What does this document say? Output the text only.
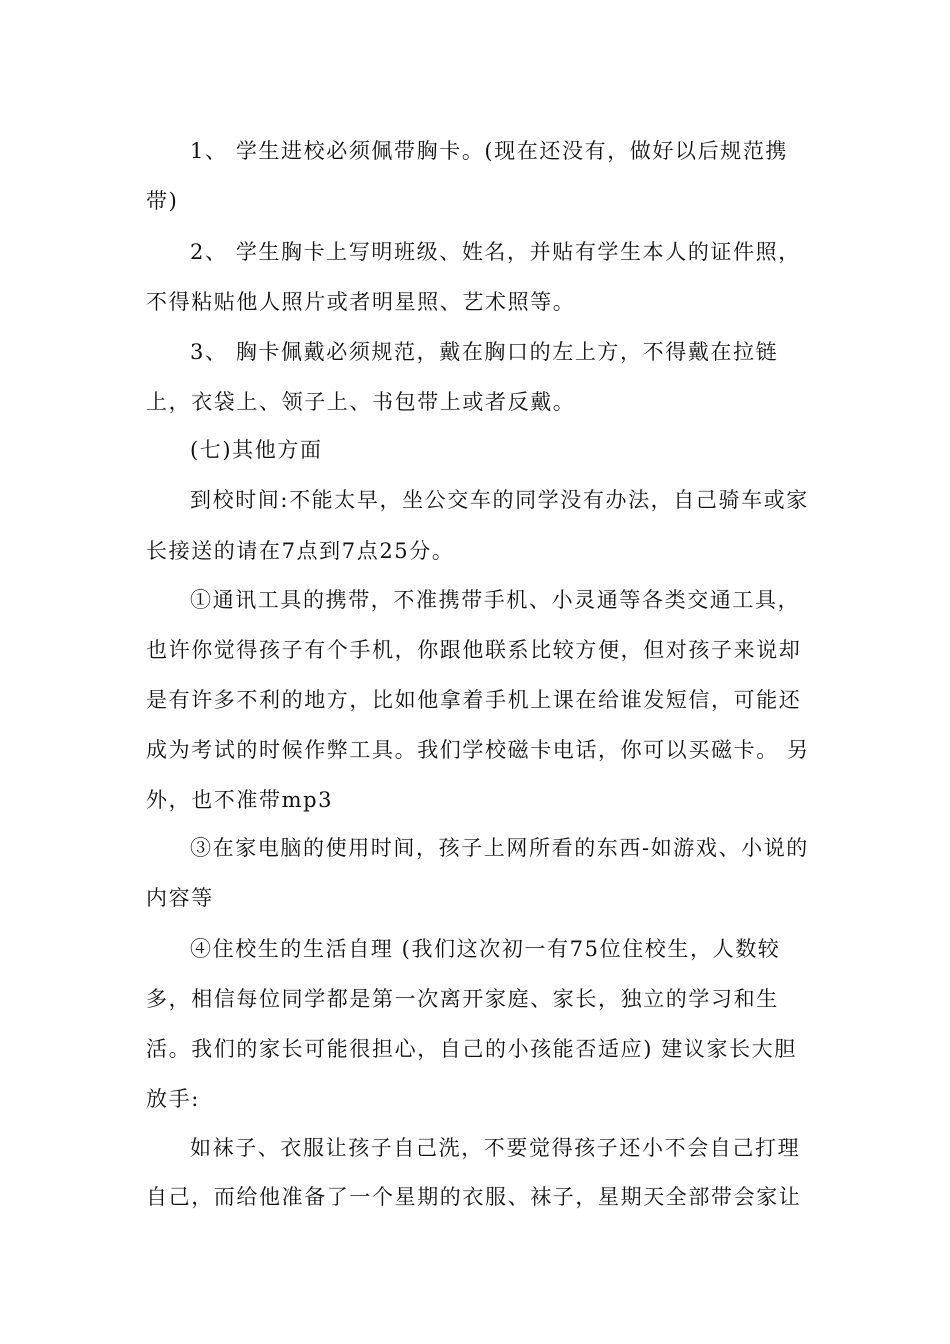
1、 学生进校必须佩带胸卡。(现在还没有，做好以后规范携
带)
2、 学生胸卡上写明班级、姓名，并贴有学生本人的证件照，
不得粘贴他人照片或者明星照、艺术照等。
3、 胸卡佩戴必须规范，戴在胸口的左上方，不得戴在拉链
上，衣袋上、领子上、书包带上或者反戴。
(七)其他方面
到校时间:不能太早，坐公交车的同学没有办法，自己骑车或家
长接送的请在7点到7点25分。
①通讯工具的携带，不准携带手机、小灵通等各类交通工具，
也许你觉得孩子有个手机，你跟他联系比较方便，但对孩子来说却
是有许多不利的地方，比如他拿着手机上课在给谁发短信，可能还
成为考试的时候作弊工具。我们学校磁卡电话，你可以买磁卡。 另
外，也不准带mp3
③在家电脑的使用时间，孩子上网所看的东西-如游戏、小说的
内容等
④住校生的生活自理 (我们这次初一有75位住校生，人数较
多，相信每位同学都是第一次离开家庭、家长，独立的学习和生
活。我们的家长可能很担心，自己的小孩能否适应) 建议家长大胆
放手:
如袜子、衣服让孩子自己洗，不要觉得孩子还小不会自己打理
自己，而给他准备了一个星期的衣服、袜子，星期天全部带会家让
